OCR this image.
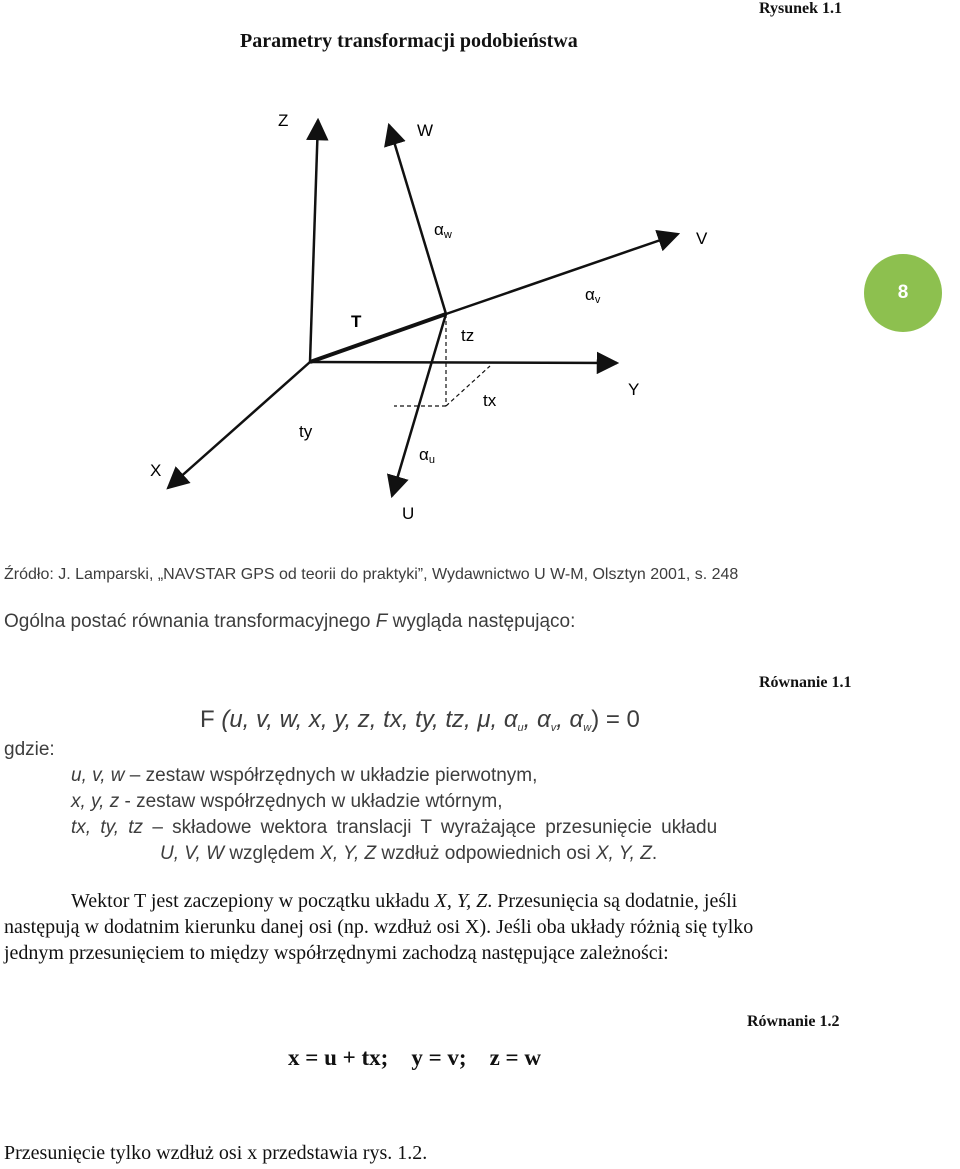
Rysunek 1.1
Parametry transformacji podobieństwa
Z
W
V
Y
X
U
T
tz
tx
ty
αw
αv
αu
8
Źródło: J. Lamparski, „NAVSTAR GPS od teorii do praktyki”, Wydawnictwo U W-M, Olsztyn 2001, s. 248
Ogólna postać równania transformacyjnego F wygląda następująco:
Równanie 1.1
F (u, v, w, x, y, z, tx, ty, tz, μ, $\alpha_u$, $\alpha_v$, $\alpha_w) = 0$
gdzie:
u, v, w – zestaw współrzędnych w układzie pierwotnym,
x, y, z - zestaw współrzędnych w układzie wtórnym,
tx, ty, tz – składowe wektora translacji T wyrażające przesunięcie układu
U, V, W względem X, Y, Z wzdłuż odpowiednich osi X, Y, Z.
Wektor T jest zaczepiony w początku układu X, Y, Z. Przesunięcia są dodatnie, jeśli
następują w dodatnim kierunku danej osi (np. wzdłuż osi X). Jeśli oba układy różnią się tylko
jednym przesunięciem to między współrzędnymi zachodzą następujące zależności:
Równanie 1.2
x = u + tx;    y = v;    z = w
Przesunięcie tylko wzdłuż osi x przedstawia rys. 1.2.
